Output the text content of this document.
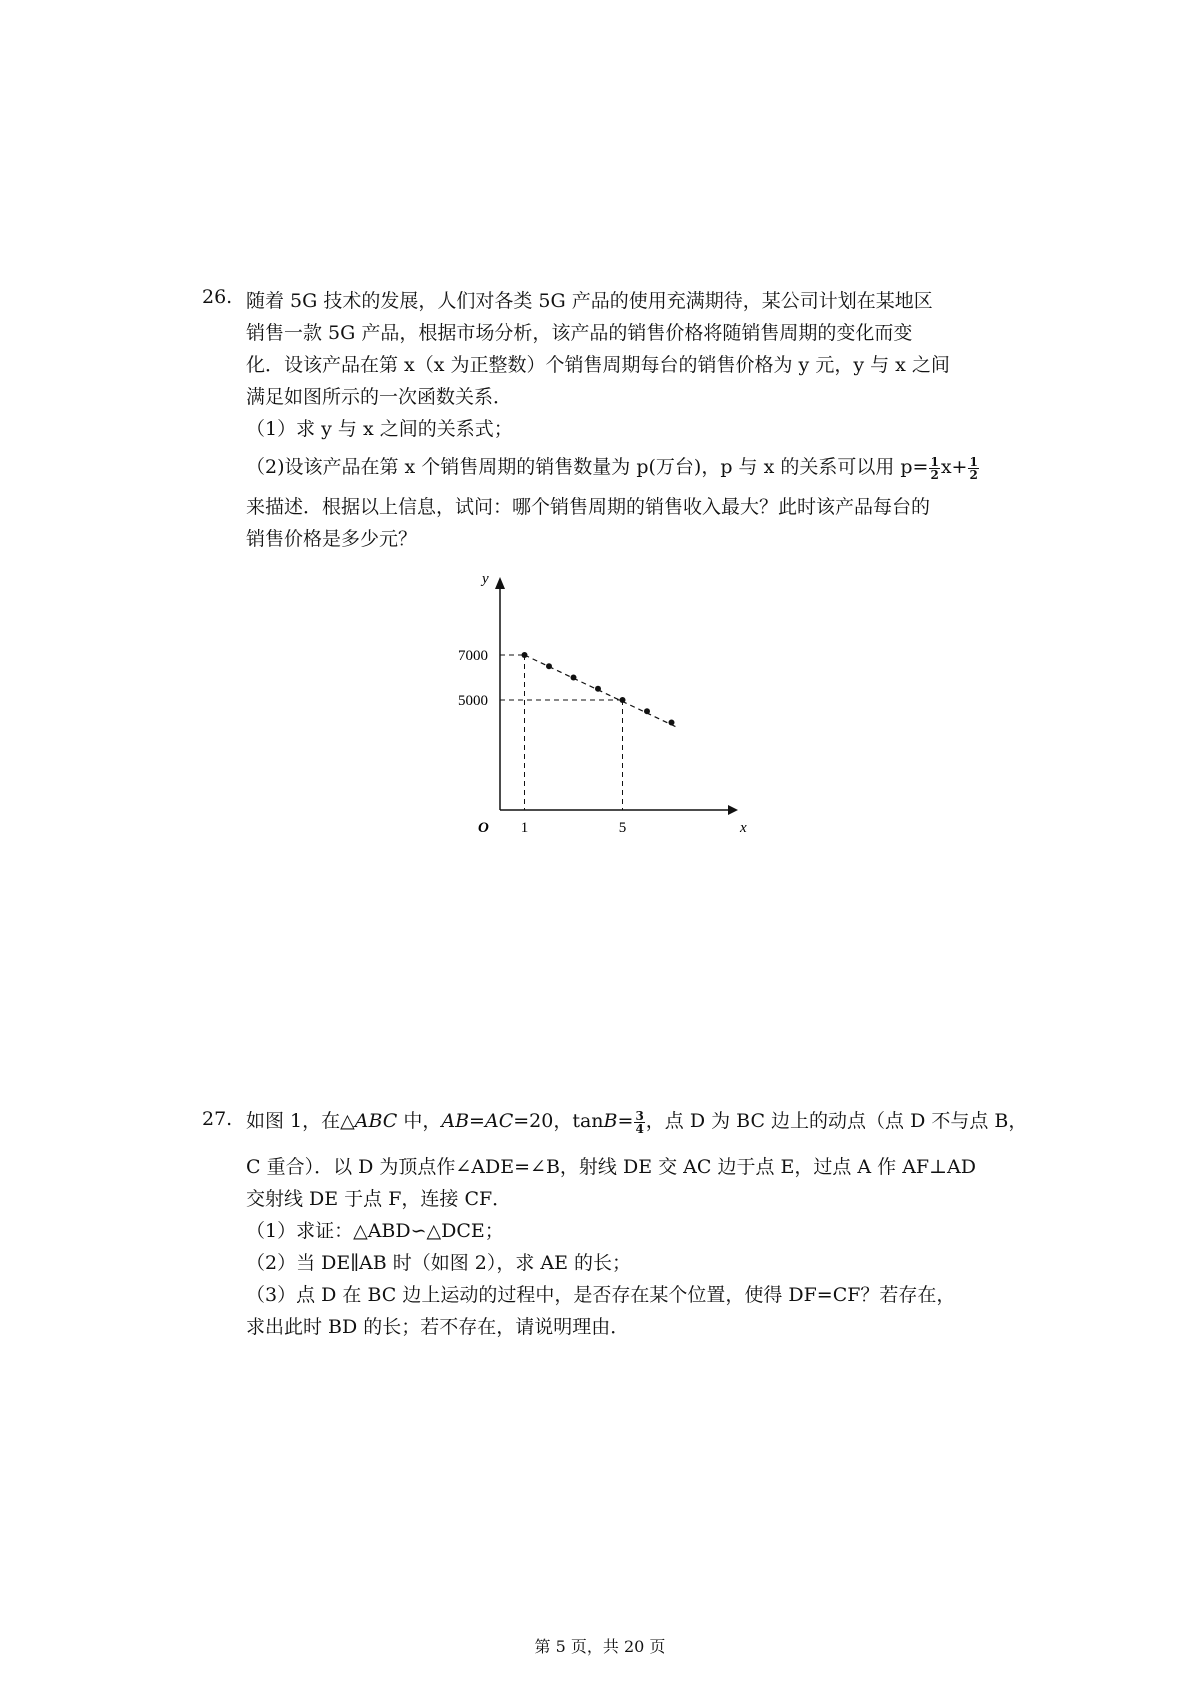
26. 随着 5G 技术的发展，人们对各类 5G 产品的使用充满期待，某公司计划在某地区
销售一款 5G 产品，根据市场分析，该产品的销售价格将随销售周期的变化而变
化．设该产品在第 x（x 为正整数）个销售周期每台的销售价格为 y 元，y 与 x 之间
满足如图所示的一次函数关系．
（1）求 y 与 x 之间的关系式；
（2)设该产品在第 x 个销售周期的销售数量为 p(万台)，p 与 x 的关系可以用 $p= \frac{1}{2} x+ \frac{1}{2}$
来描述．根据以上信息，试问：哪个销售周期的销售收入最大？此时该产品每台的
销售价格是多少元？
1	5
7000
5000
O	x
y
27. 如图 1，在△ABC 中，AB=AC=20，$\tan B= \frac{3}{4}$ ，点 D 为 BC 边上的动点（点 D 不与点 B，
C 重合）．以 D 为顶点作∠ADE=∠B，射线 DE 交 AC 边于点 E，过点 A 作 AF⊥AD
交射线 DE 于点 F，连接 CF．
（1）求证：△ABD∽△DCE；
（2）当 DE∥AB 时（如图 2），求 AE 的长；
（3）点 D 在 BC 边上运动的过程中，是否存在某个位置，使得 DF=CF？若存在，
求出此时 BD 的长；若不存在，请说明理由．
第 5 页，共 20 页
